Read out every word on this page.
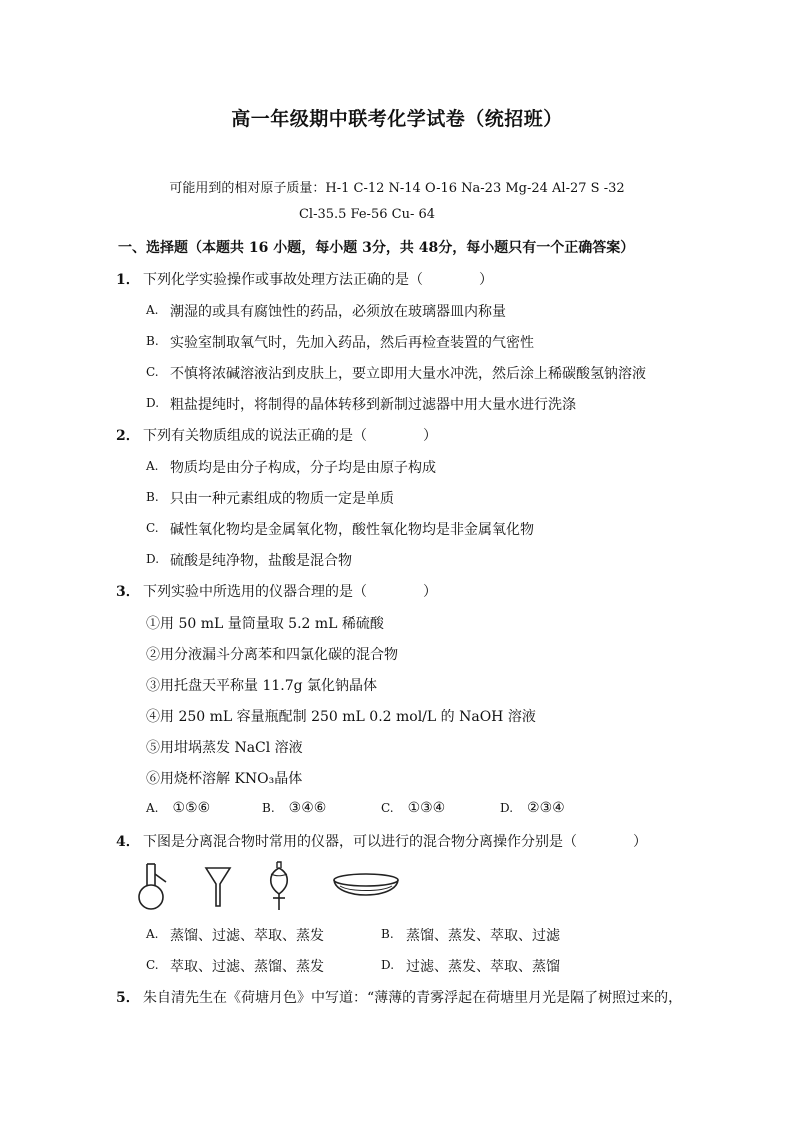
高一年级期中联考化学试卷（统招班）
可能用到的相对原子质量：H-1 C-12 N-14 O-16 Na-23 Mg-24 Al-27 S -32
Cl-35.5 Fe-56 Cu- 64
一、选择题（本题共 16 小题，每小题 3分，共 48分，每小题只有一个正确答案）
1． 下列化学实验操作或事故处理方法正确的是（　　　　）
A. 潮湿的或具有腐蚀性的药品，必须放在玻璃器皿内称量
B. 实验室制取氧气时，先加入药品，然后再检查装置的气密性
C. 不慎将浓碱溶液沾到皮肤上，要立即用大量水冲洗，然后涂上稀碳酸氢钠溶液
D. 粗盐提纯时，将制得的晶体转移到新制过滤器中用大量水进行洗涤
2． 下列有关物质组成的说法正确的是（　　　　）
A. 物质均是由分子构成，分子均是由原子构成
B. 只由一种元素组成的物质一定是单质
C. 碱性氧化物均是金属氧化物，酸性氧化物均是非金属氧化物
D. 硫酸是纯净物，盐酸是混合物
3． 下列实验中所选用的仪器合理的是（　　　　）
①用 50 mL 量筒量取 5.2 mL 稀硫酸
②用分液漏斗分离苯和四氯化碳的混合物
③用托盘天平称量 11.7g 氯化钠晶体
④用 250 mL 容量瓶配制 250 mL 0.2 mol/L 的 NaOH 溶液
⑤用坩埚蒸发 NaCl 溶液
⑥用烧杯溶解 KNO₃晶体
A. ①⑤⑥	B. ③④⑥	C. ①③④	D. ②③④
4． 下图是分离混合物时常用的仪器，可以进行的混合物分离操作分别是（　　　　）
A. 蒸馏、过滤、萃取、蒸发	B. 蒸馏、蒸发、萃取、过滤
C. 萃取、过滤、蒸馏、蒸发	D. 过滤、蒸发、萃取、蒸馏
5． 朱自清先生在《荷塘月色》中写道：“薄薄的青雾浮起在荷塘里月光是隔了树照过来的，
